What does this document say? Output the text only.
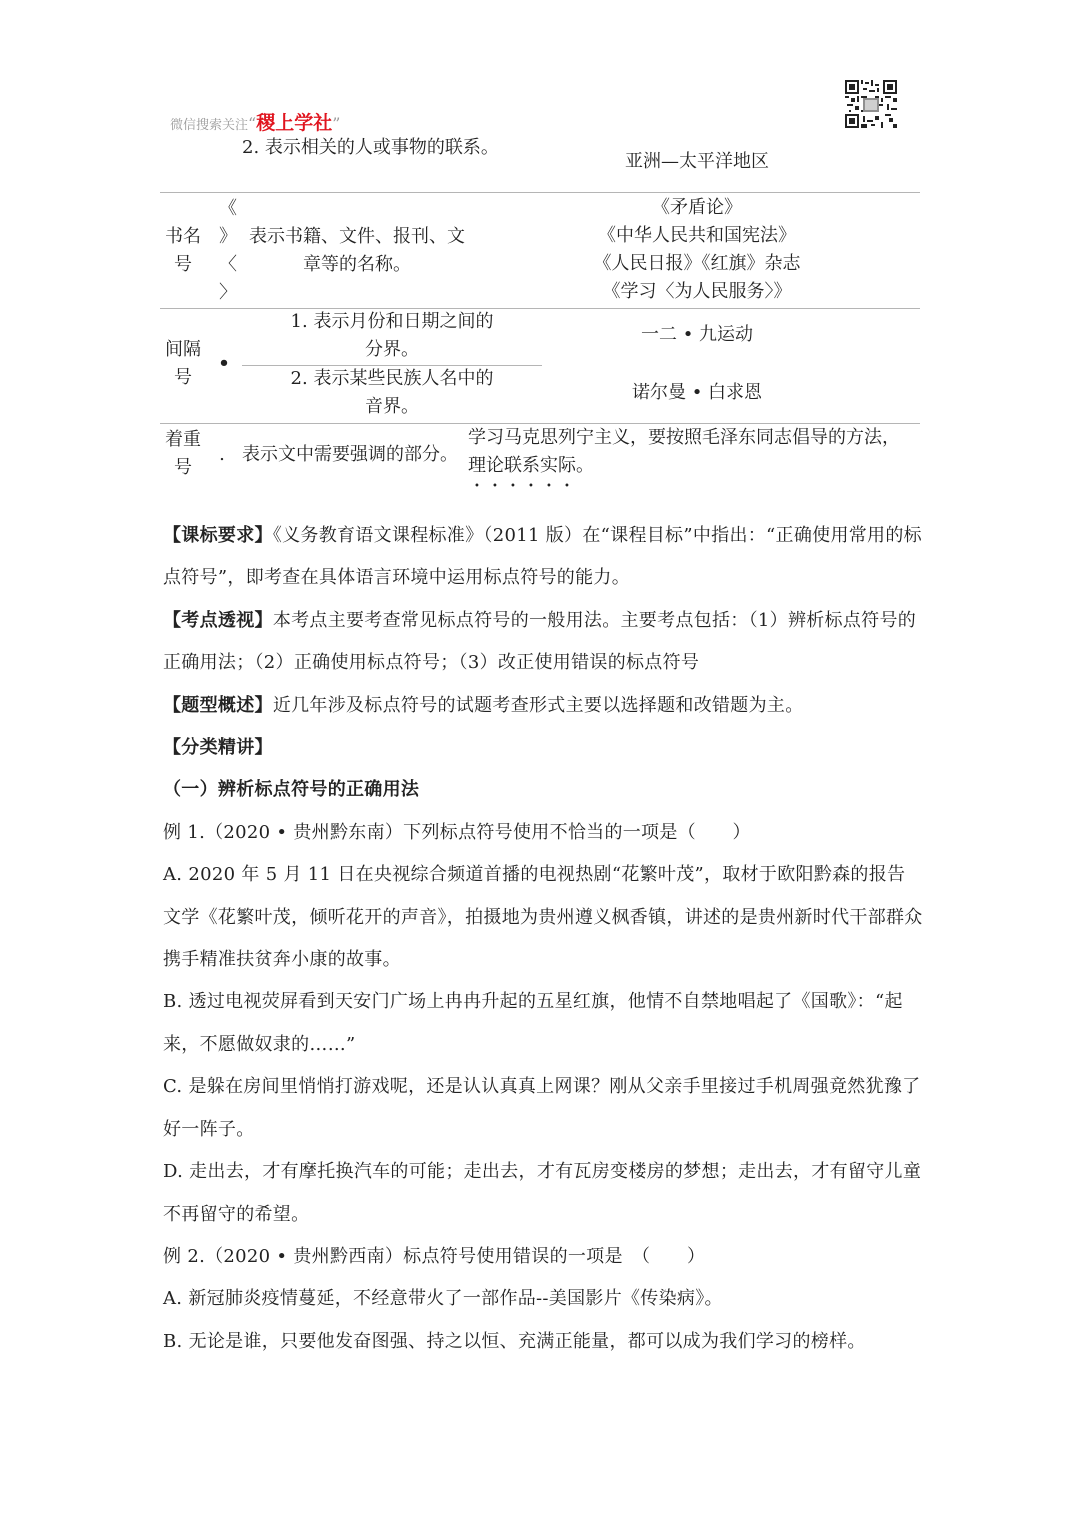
微信搜索关注“稷上学社”
2. 表示相关的人或事物的联系。
亚洲—太平洋地区
书名
号
《
》
〈
〉
表示书籍、文件、报刊、文
章等的名称。
《矛盾论》
《中华人民共和国宪法》
《人民日报》《红旗》杂志
《学习〈为人民服务〉》
间隔
号
•
1. 表示月份和日期之间的
分界。
一二 • 九运动
2. 表示某些民族人名中的
音界。
诺尔曼 • 白求恩
着重
号
. 表示文中需要强调的部分。
学习马克思列宁主义，要按照毛泽东同志倡导的方法，
理论联系实际。

【课标要求】《义务教育语文课程标准》（2011 版）在“课程目标”中指出：“正确使用常用的标点符号”，即考查在具体语言环境中运用标点符号的能力。

【考点透视】本考点主要考查常见标点符号的一般用法。主要考点包括：（1）辨析标点符号的正确用法；（2）正确使用标点符号；（3）改正使用错误的标点符号

【题型概述】近几年涉及标点符号的试题考查形式主要以选择题和改错题为主。

【分类精讲】

（一）辨析标点符号的正确用法

例 1.（2020 • 贵州黔东南）下列标点符号使用不恰当的一项是（　　）

A. 2020 年 5 月 11 日在央视综合频道首播的电视热剧“花繁叶茂”，取材于欧阳黔森的报告文学《花繁叶茂，倾听花开的声音》，拍摄地为贵州遵义枫香镇，讲述的是贵州新时代干部群众携手精准扶贫奔小康的故事。

B. 透过电视荧屏看到天安门广场上冉冉升起的五星红旗，他情不自禁地唱起了《国歌》：“起来，不愿做奴隶的……”

C. 是躲在房间里悄悄打游戏呢，还是认认真真上网课？刚从父亲手里接过手机周强竟然犹豫了好一阵子。

D. 走出去，才有摩托换汽车的可能；走出去，才有瓦房变楼房的梦想；走出去，才有留守儿童不再留守的希望。

例 2.（2020 • 贵州黔西南）标点符号使用错误的一项是　（　　）

A. 新冠肺炎疫情蔓延，不经意带火了一部作品--美国影片《传染病》。

B. 无论是谁，只要他发奋图强、持之以恒、充满正能量，都可以成为我们学习的榜样。
